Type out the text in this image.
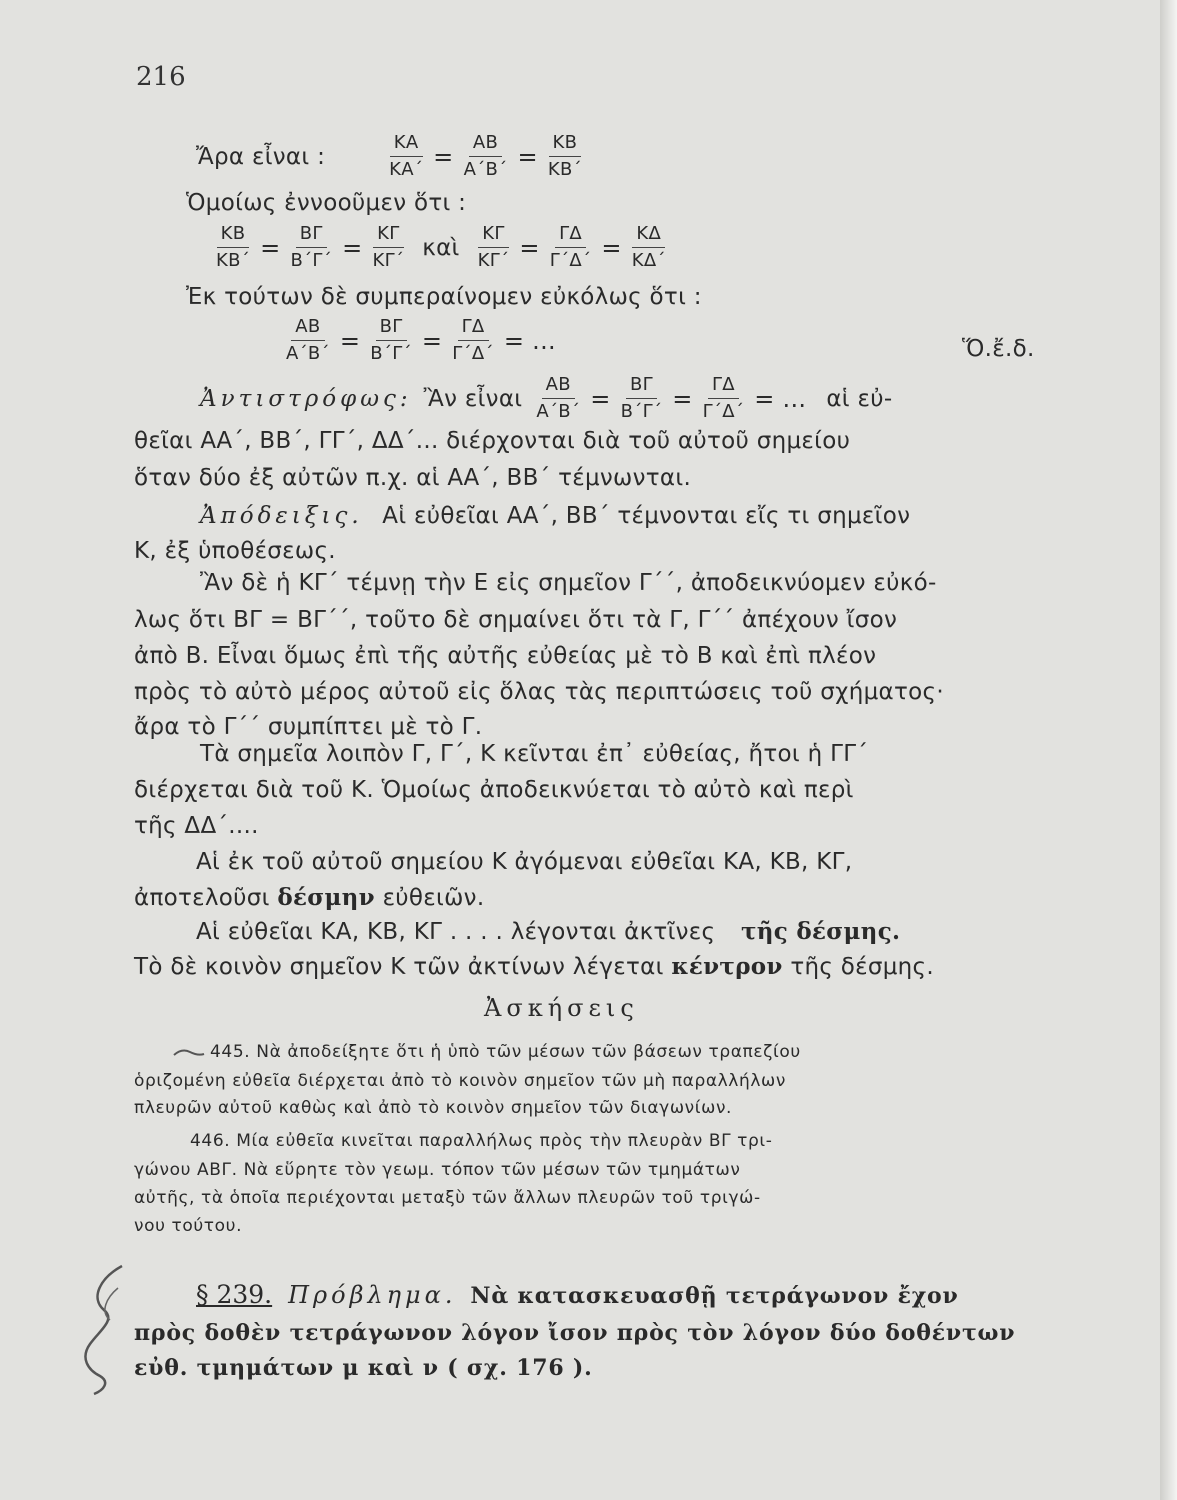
216
Ἄρα εἶναι :	$\frac{KA}{KA΄} = \frac{AB}{A΄B΄} = \frac{KB}{KB΄}$
Ὁμοίως ἐννοοῦμεν ὅτι :
$\frac{KB}{KB΄} = \frac{B\Gamma}{B΄\Gamma΄} = \frac{K\Gamma}{K\Gamma΄}$ καὶ $\frac{K\Gamma}{K\Gamma΄} = \frac{\Gamma\Delta}{\Gamma΄\Delta΄} = \frac{K\Delta}{K\Delta΄}$
Ἐκ τούτων δὲ συμπεραίνομεν εὐκόλως ὅτι :
$\frac{AB}{A΄B΄} = \frac{B\Gamma}{B΄\Gamma΄} = \frac{\Gamma\Delta}{\Gamma΄\Delta΄}$ = ...	Ὅ.ἔ.δ.
Ἀντιστρόφως: Ἂν εἶναι $\frac{AB}{A΄B΄} = \frac{B\Gamma}{B΄\Gamma΄} = \frac{\Gamma\Delta}{\Gamma΄\Delta΄}$ = ... αἱ εὐ-
θεῖαι ΑΑ΄, ΒΒ΄, ΓΓ΄, ΔΔ΄... διέρχονται διὰ τοῦ αὐτοῦ σημείου
ὅταν δύο ἐξ αὐτῶν π.χ. αἱ ΑΑ΄, ΒΒ΄ τέμνωνται.
Ἀπόδειξις. Αἱ εὐθεῖαι ΑΑ΄, ΒΒ΄ τέμνονται εἴς τι σημεῖον
Κ, ἐξ ὑποθέσεως.
Ἂν δὲ ἡ ΚΓ΄ τέμνῃ τὴν Ε εἰς σημεῖον Γ΄΄, ἀποδεικνύομεν εὐκό-
λως ὅτι ΒΓ = ΒΓ΄΄, τοῦτο δὲ σημαίνει ὅτι τὰ Γ, Γ΄΄ ἀπέχουν ἴσον
ἀπὸ Β. Εἶναι ὅμως ἐπὶ τῆς αὐτῆς εὐθείας μὲ τὸ Β καὶ ἐπὶ πλέον
πρὸς τὸ αὐτὸ μέρος αὐτοῦ εἰς ὅλας τὰς περιπτώσεις τοῦ σχήματος·
ἄρα τὸ Γ΄΄ συμπίπτει μὲ τὸ Γ.
Τὰ σημεῖα λοιπὸν Γ, Γ΄, Κ κεῖνται ἐπ᾽ εὐθείας, ἤτοι ἡ ΓΓ΄
διέρχεται διὰ τοῦ Κ. Ὁμοίως ἀποδεικνύεται τὸ αὐτὸ καὶ περὶ
τῆς ΔΔ΄....
Αἱ ἐκ τοῦ αὐτοῦ σημείου Κ ἀγόμεναι εὐθεῖαι ΚΑ, ΚΒ, ΚΓ,
ἀποτελοῦσι δέσμην εὐθειῶν.
Αἱ εὐθεῖαι ΚΑ, ΚΒ, ΚΓ . . . . λέγονται ἀκτῖνες τῆς δέσμης.
Τὸ δὲ κοινὸν σημεῖον Κ τῶν ἀκτίνων λέγεται κέντρον τῆς δέσμης.
Ἀσκήσεις
445. Νὰ ἀποδείξητε ὅτι ἡ ὑπὸ τῶν μέσων τῶν βάσεων τραπεζίου
ὁριζομένη εὐθεῖα διέρχεται ἀπὸ τὸ κοινὸν σημεῖον τῶν μὴ παραλλήλων
πλευρῶν αὐτοῦ καθὼς καὶ ἀπὸ τὸ κοινὸν σημεῖον τῶν διαγωνίων.
446. Μία εὐθεῖα κινεῖται παραλλήλως πρὸς τὴν πλευρὰν ΒΓ τρι-
γώνου ΑΒΓ. Νὰ εὕρητε τὸν γεωμ. τόπον τῶν μέσων τῶν τμημάτων
αὐτῆς, τὰ ὁποῖα περιέχονται μεταξὺ τῶν ἄλλων πλευρῶν τοῦ τριγώ-
νου τούτου.
§ 239. Πρόβλημα. Νὰ κατασκευασθῇ τετράγωνον ἔχον
πρὸς δοθὲν τετράγωνον λόγον ἴσον πρὸς τὸν λόγον δύο δοθέντων
εὐθ. τμημάτων μ καὶ ν ( σχ. 176 ).
